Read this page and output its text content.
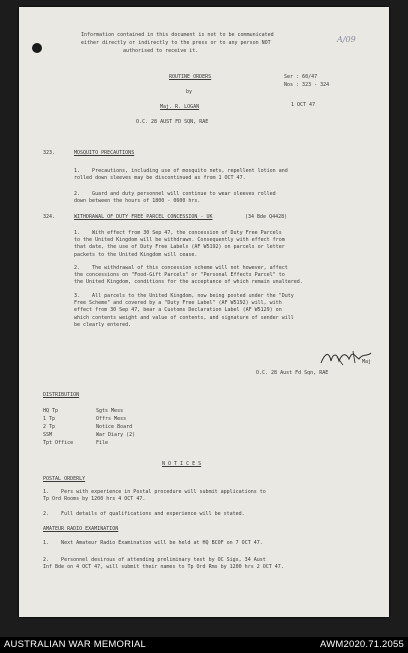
A/09
Information contained in this document is not to be communicated
either directly or indirectly to the press or to any person NOT
authorised to receive it.
ROUTINE ORDERS
by
Maj. R. LOGAN
O.C. 28 AUST FD SQN, RAE
Ser : 60/47
Nos : 323 - 324
1 OCT 47
323.	MOSQUITO PRECAUTIONS
1.    Precautions, including use of mosquito nets, repellent lotion and
rolled down sleeves may be discontinued as from 1 OCT 47.
2.    Guard and duty personnel will continue to wear sleeves rolled
down between the hours of 1800 - 0600 hrs.
324.	WITHDRAWAL OF DUTY FREE PARCEL CONCESSION - UK	(34 Bde Q4428)
1.    With effect from 30 Sep 47, the concession of Duty Free Parcels
to the United Kingdom will be withdrawn. Consequently with effect from
that date, the use of Duty Free Labels (AF W5192) on parcels or letter
packets to the United Kingdom will cease.
2.    The withdrawal of this concession scheme will not however, affect
the concessions on "Food-Gift Parcels" or "Personal Effects Parcel" to
the United Kingdom, conditions for the acceptance of which remain unaltered.
3.    All parcels to the United Kingdom, now being posted under the "Duty
Free Scheme" and covered by a "Duty Free Label" (AF W5192) will, with
effect from 30 Sep 47, bear a Customs Declaration Label (AF W5129) on
which contents weight and value of contents, and signature of sender will
be clearly entered.
Maj
O.C. 28 Aust Fd Sqn, RAE
DISTRIBUTION
HQ Tp	Sgts Mess
1 Tp	Offrs Mess
2 Tp	Notice Board
SSM	War Diary (2)
Tpt Office	File
N O T I C E S
POSTAL ORDERLY
1.    Pers with experience in Postal procedure will submit applications to
Tp Ord Rooms by 1200 hrs 4 OCT 47.
2.    Full details of qualifications and experience will be stated.
AMATEUR RADIO EXAMINATION
1.    Next Amateur Radio Examination will be held at HQ BCOF on 7 OCT 47.
2.    Personnel desirous of attending preliminary test by OC Sigs, 34 Aust
Inf Bde on 4 OCT 47, will submit their names to Tp Ord Rms by 1200 hrs 2 OCT 47.
AUSTRALIAN WAR MEMORIAL	AWM2020.71.2055
